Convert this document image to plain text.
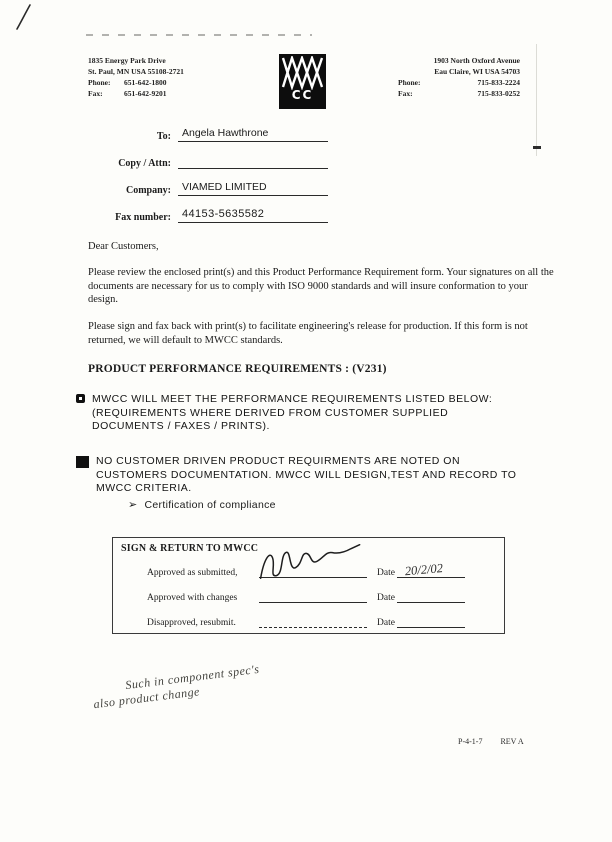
1835 Energy Park Drive
St. Paul, MN USA 55108-2721
Phone:	651-642-1800
Fax:	651-642-9201	CC
1903 North Oxford Avenue
Eau Claire, WI USA 54703
Phone:	715-833-2224
Fax:	715-833-0252
To:	Angela Hawthrone
Copy / Attn:
Company:	VIAMED LIMITED
Fax number:	44153-5635582
Dear Customers,
Please review the enclosed print(s) and this Product Performance Requirement form. Your signatures on all the documents are necessary for us to comply with ISO 9000 standards and will insure conformation to your design.
Please sign and fax back with print(s) to facilitate engineering's release for production. If this form is not returned, we will default to MWCC standards.
PRODUCT PERFORMANCE REQUIREMENTS : (V231)

MWCC WILL MEET THE PERFORMANCE REQUIREMENTS LISTED BELOW: (REQUIREMENTS WHERE DERIVED FROM CUSTOMER SUPPLIED DOCUMENTS / FAXES / PRINTS).

NO CUSTOMER DRIVEN PRODUCT REQUIRMENTS ARE NOTED ON CUSTOMERS DOCUMENTATION. MWCC WILL DESIGN,TEST AND RECORD TO MWCC CRITERIA.

➢ Certification of compliance
SIGN & RETURN TO MWCC
Approved as submitted,	Date 20/2/02
Approved with changes	Date
Disapproved, resubmit.	Date
Such in component spec's
also product change
P-4-1-7 REV A
